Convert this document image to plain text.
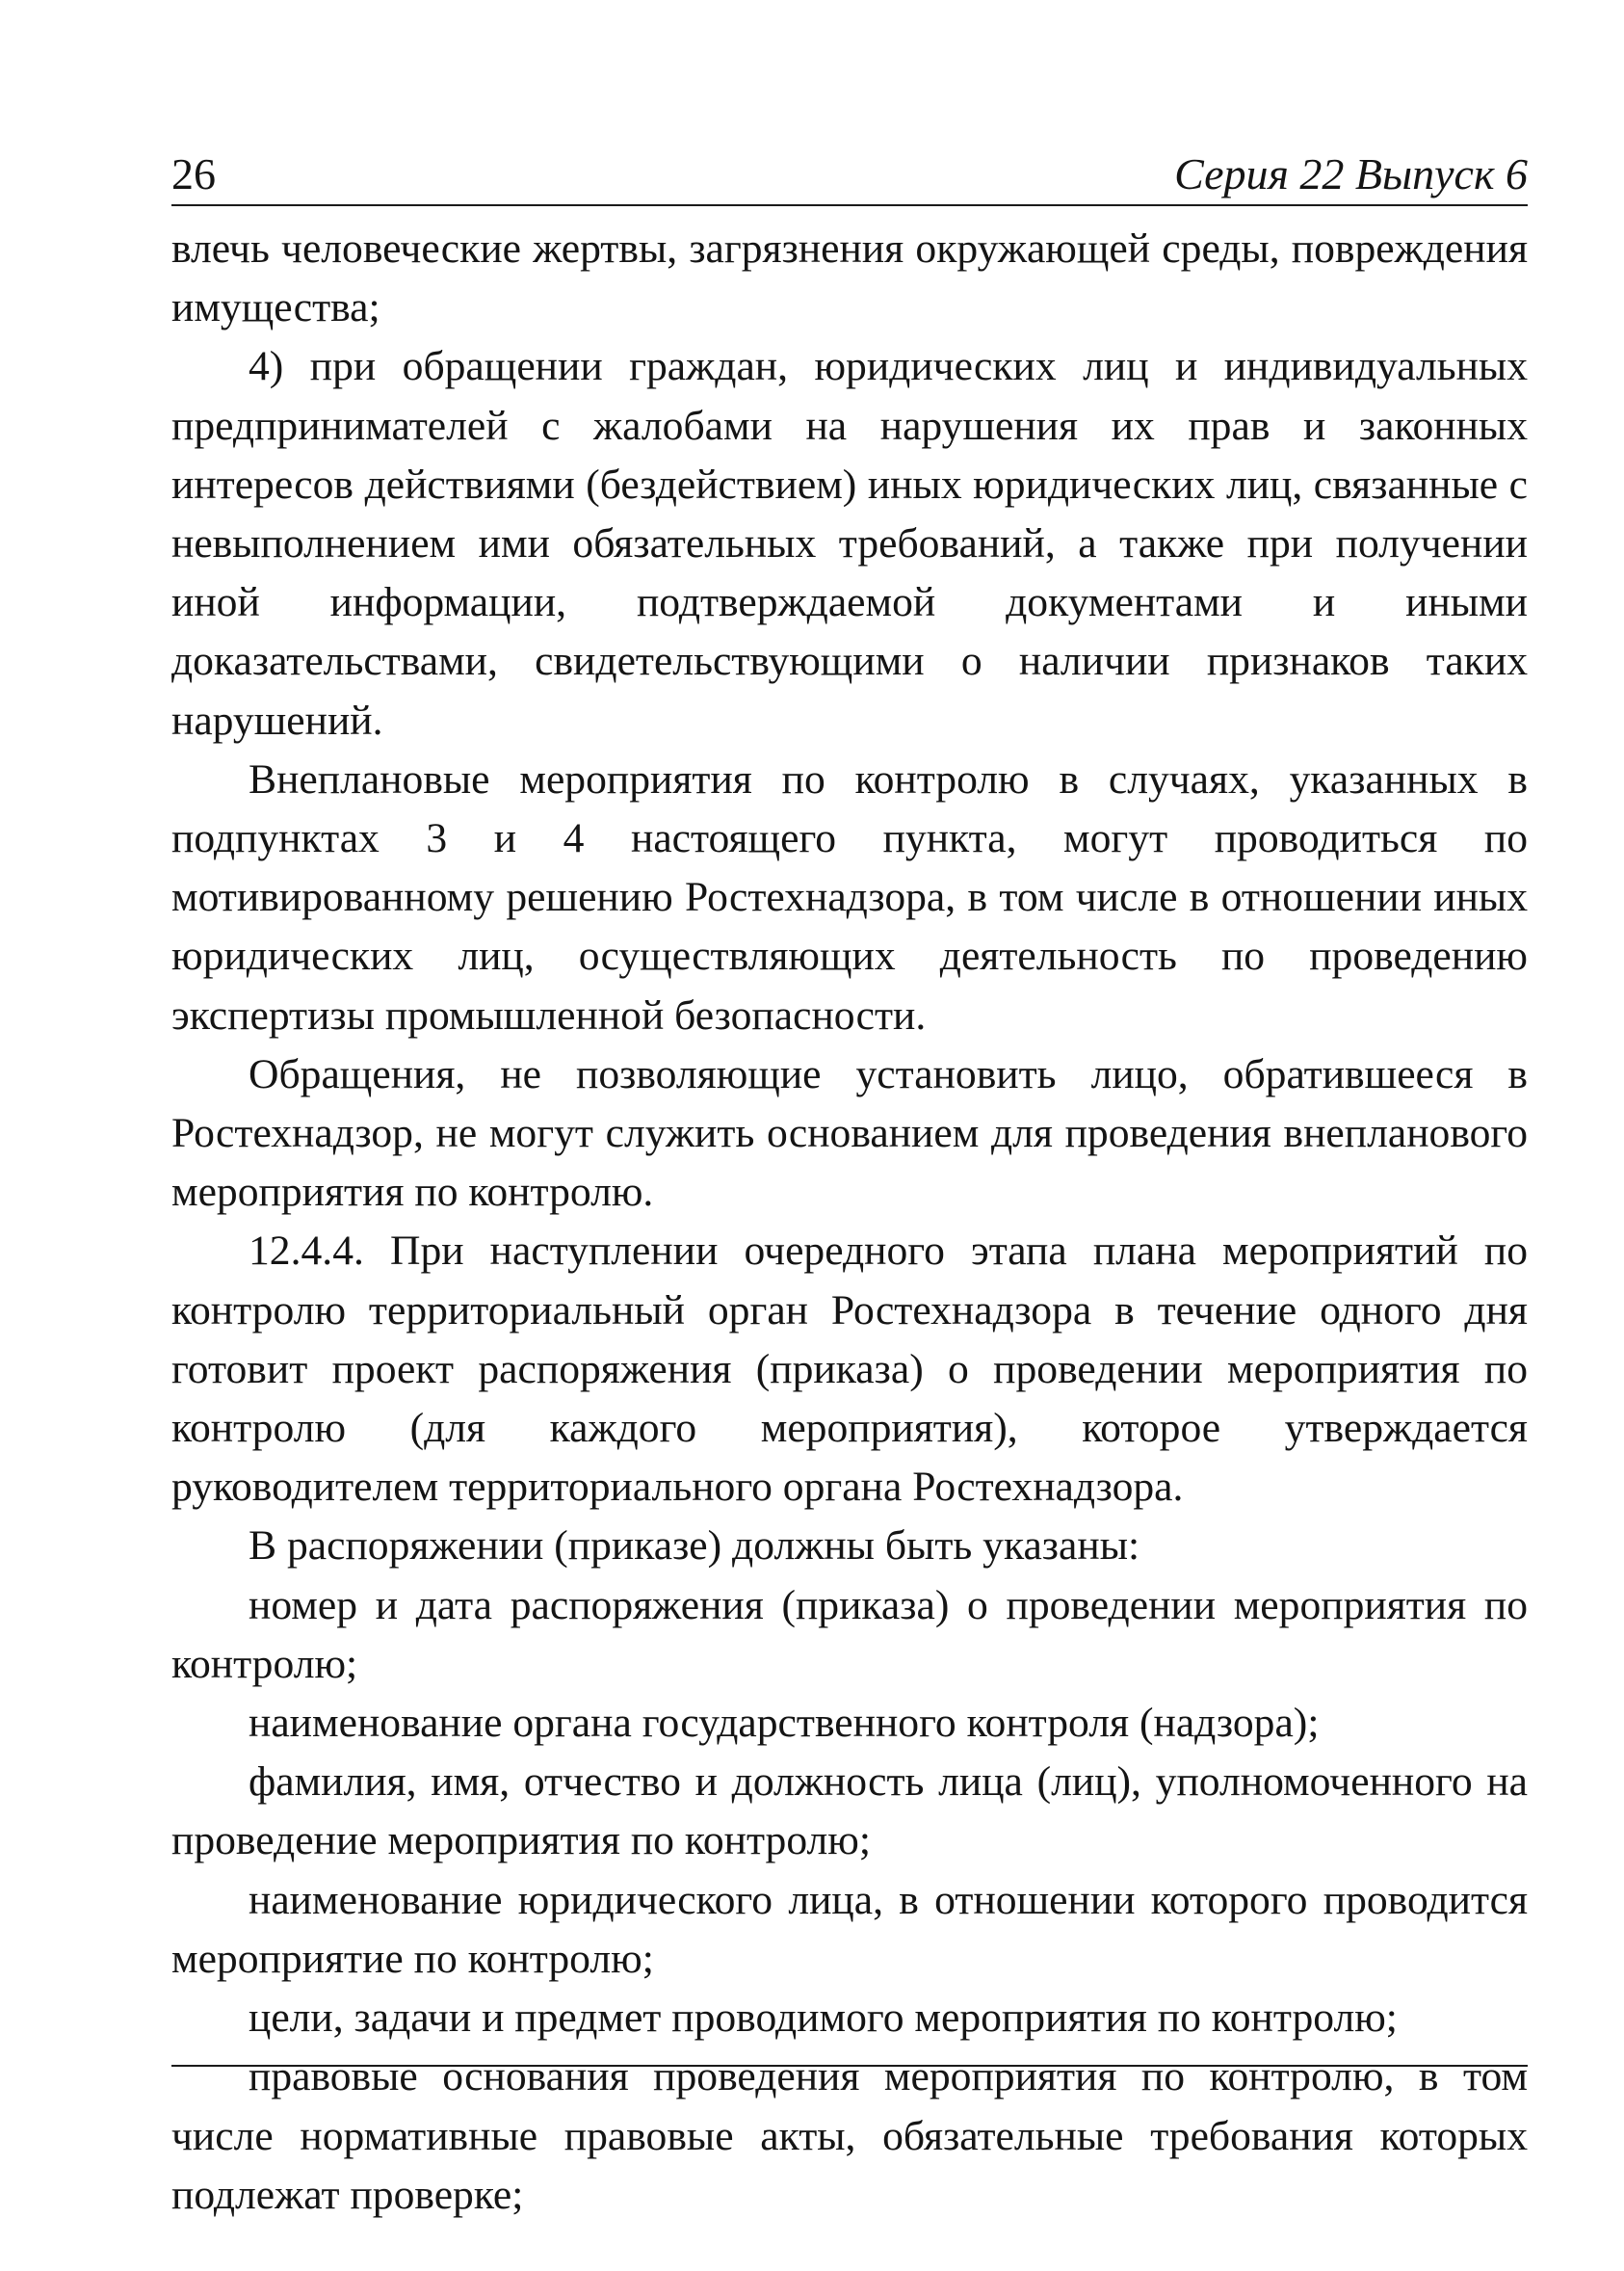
26	Серия 22 Выпуск 6

влечь человеческие жертвы, загрязнения окружающей среды, повреждения имущества;

4) при обращении граждан, юридических лиц и индивидуальных предпринимателей с жалобами на нарушения их прав и законных интересов действиями (бездействием) иных юридических лиц, связанные с невыполнением ими обязательных требований, а также при получении иной информации, подтверждаемой документами и иными доказательствами, свидетельствующими о наличии признаков таких нарушений.

Внеплановые мероприятия по контролю в случаях, указанных в подпунктах 3 и 4 настоящего пункта, могут проводиться по мотивированному решению Ростехнадзора, в том числе в отношении иных юридических лиц, осуществляющих деятельность по проведению экспертизы промышленной безопасности.

Обращения, не позволяющие установить лицо, обратившееся в Ростехнадзор, не могут служить основанием для проведения внепланового мероприятия по контролю.

12.4.4. При наступлении очередного этапа плана мероприятий по контролю территориальный орган Ростехнадзора в течение одного дня готовит проект распоряжения (приказа) о проведении мероприятия по контролю (для каждого мероприятия), которое утверждается руководителем территориального органа Ростехнадзора.

В распоряжении (приказе) должны быть указаны:

номер и дата распоряжения (приказа) о проведении мероприятия по контролю;

наименование органа государственного контроля (надзора);

фамилия, имя, отчество и должность лица (лиц), уполномоченного на проведение мероприятия по контролю;

наименование юридического лица, в отношении которого проводится мероприятие по контролю;

цели, задачи и предмет проводимого мероприятия по контролю;

правовые основания проведения мероприятия по контролю, в том числе нормативные правовые акты, обязательные требования которых подлежат проверке;
